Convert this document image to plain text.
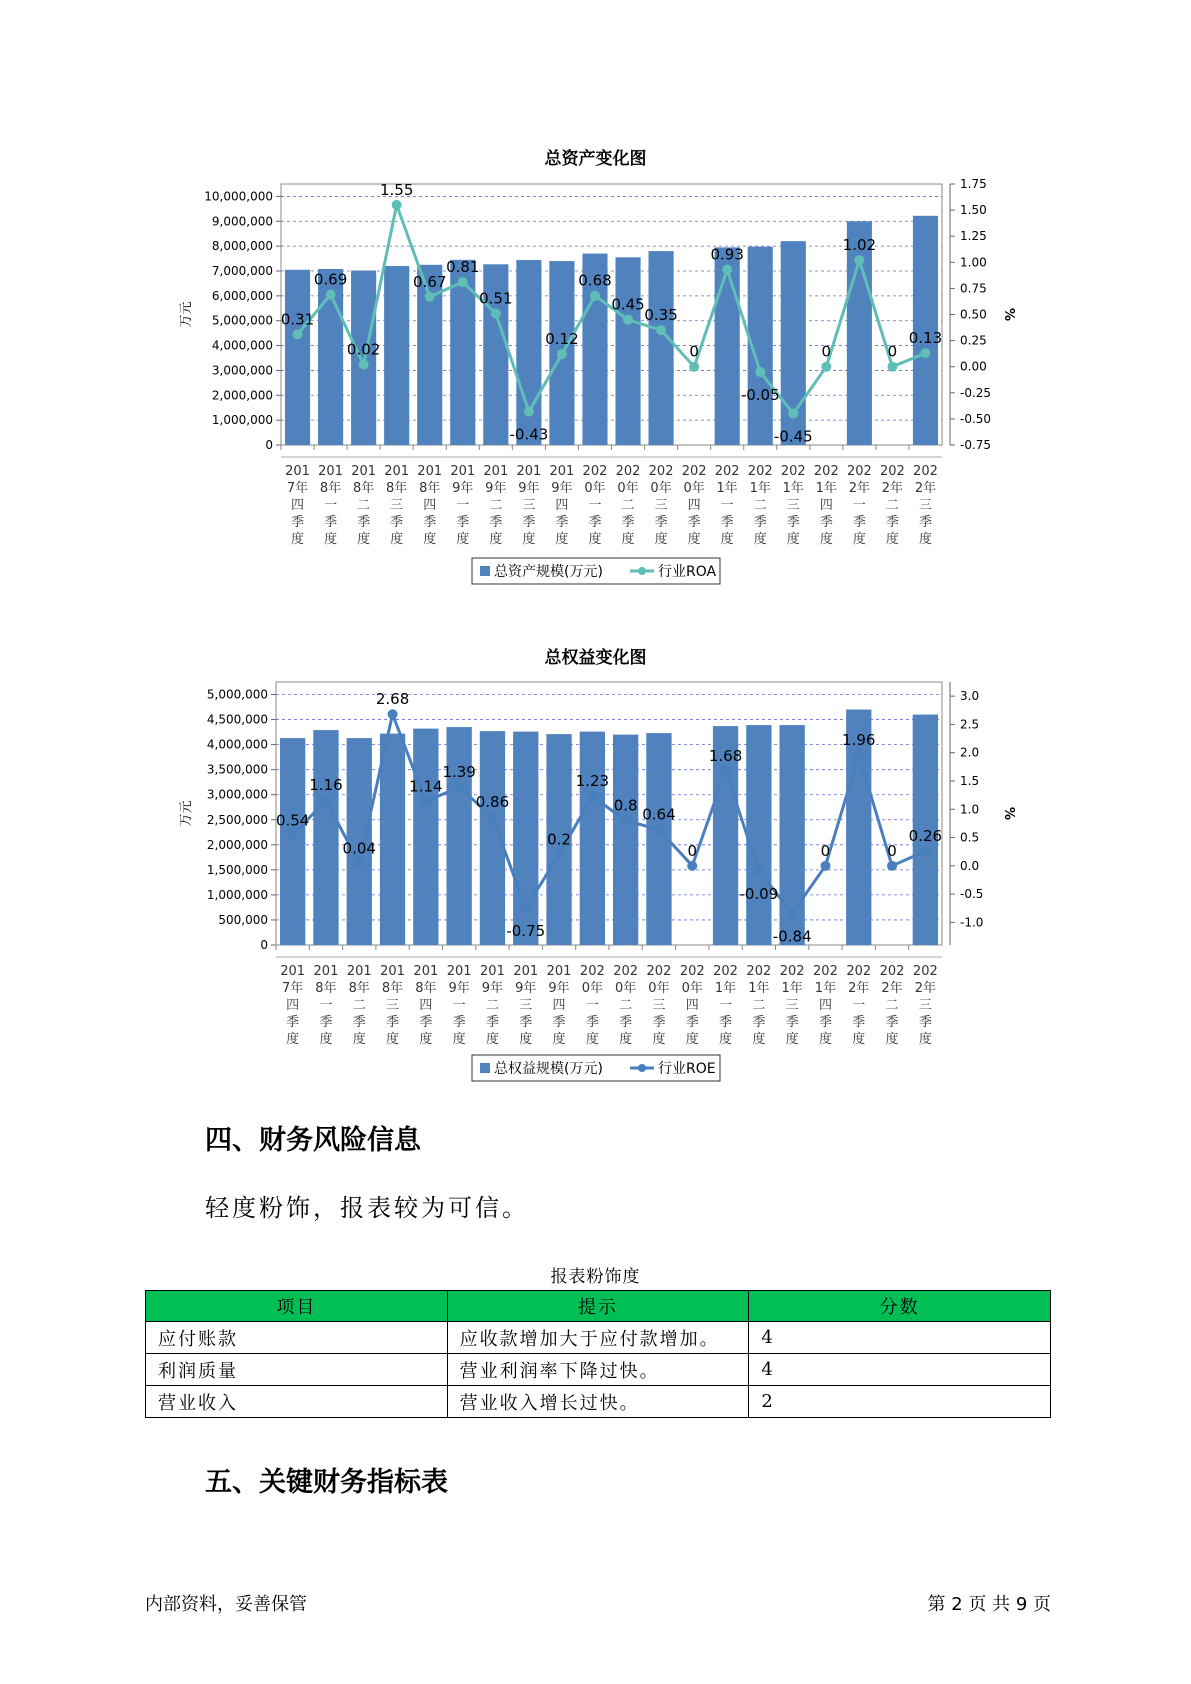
总资产变化图
0
1,000,000
2,000,000
3,000,000
4,000,000
5,000,000
6,000,000
7,000,000
8,000,000
9,000,000
10,000,000
万元
-0.75
-0.50
-0.25
0.00
0.25
0.50
0.75
1.00
1.25
1.50
1.75
%
201
7年
四
季
度
201
8年
一
季
度
201
8年
二
季
度
201
8年
三
季
度
201
8年
四
季
度
201
9年
一
季
度
201
9年
二
季
度
201
9年
三
季
度
201
9年
四
季
度
202
0年
一
季
度
202
0年
二
季
度
202
0年
三
季
度
202
0年
四
季
度
202
1年
一
季
度
202
1年
二
季
度
202
1年
三
季
度
202
1年
四
季
度
202
2年
一
季
度
202
2年
二
季
度
202
2年
三
季
度
0.31
0.69
0.02
1.55
0.67
0.81
0.51
-0.43
0.12
0.68
0.45
0.35
0
0.93
-0.05
-0.45
0
1.02
0
0.13
总资产规模(万元)	行业ROA
总权益变化图
0
500,000
1,000,000
1,500,000
2,000,000
2,500,000
3,000,000
3,500,000
4,000,000
4,500,000
5,000,000
万元
-1.0
-0.5
0.0
0.5
1.0
1.5
2.0
2.5
3.0
%
201
7年
四
季
度
201
8年
一
季
度
201
8年
二
季
度
201
8年
三
季
度
201
8年
四
季
度
201
9年
一
季
度
201
9年
二
季
度
201
9年
三
季
度
201
9年
四
季
度
202
0年
一
季
度
202
0年
二
季
度
202
0年
三
季
度
202
0年
四
季
度
202
1年
一
季
度
202
1年
二
季
度
202
1年
三
季
度
202
1年
四
季
度
202
2年
一
季
度
202
2年
二
季
度
202
2年
三
季
度
0.54
1.16
0.04
2.68
1.14
1.39
0.86
-0.75
0.2
1.23
0.8
0.64
0
1.68
-0.09
-0.84
0
1.96
0
0.26
总权益规模(万元)	行业ROE
四、财务风险信息
轻度粉饰，报表较为可信。
报表粉饰度
项目	提示	分数
应付账款	应收款增加大于应付款增加。	4
利润质量	营业利润率下降过快。	4
营业收入	营业收入增长过快。	2
五、关键财务指标表
内部资料，妥善保管	第 2 页 共 9 页
